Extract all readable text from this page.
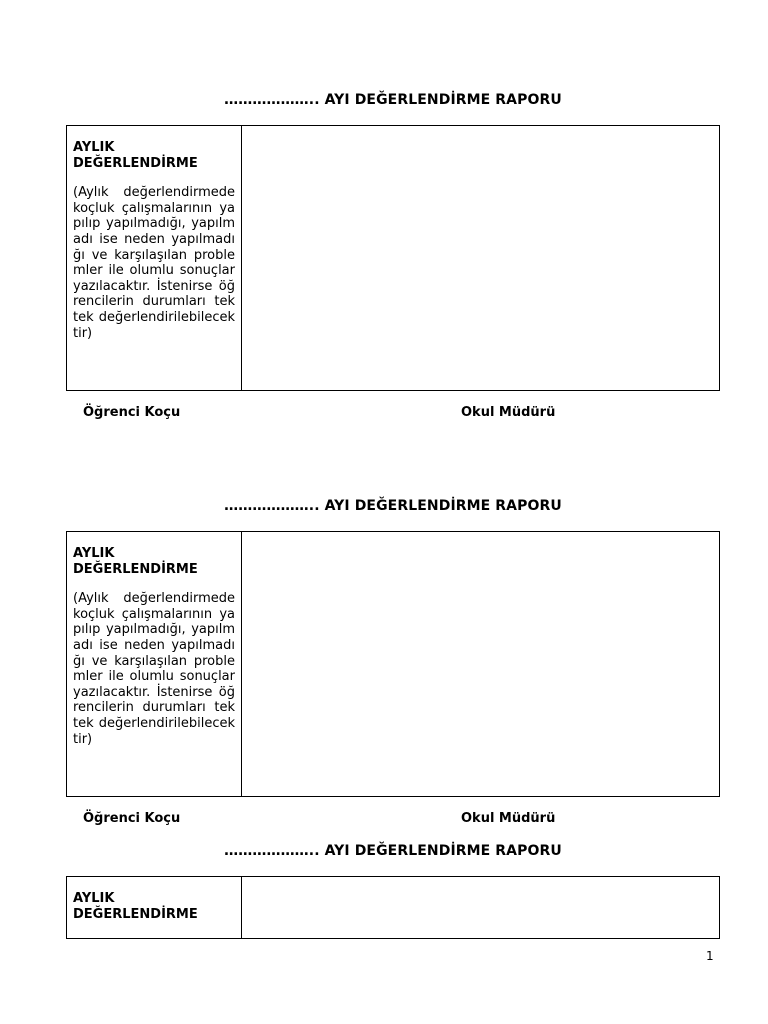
……………….. AYI DEĞERLENDİRME RAPORU

AYLIK DEĞERLENDİRME

(Aylık değerlendirmede koçluk çalışmalarının yapılıp yapılmadığı, yapılmadı ise neden yapılmadığı ve karşılaşılan problemler ile olumlu sonuçlar yazılacaktır. İstenirse öğrencilerin durumları tek tek değerlendirilebilecektir)

Öğrenci Koçu	Okul Müdürü
……………….. AYI DEĞERLENDİRME RAPORU

AYLIK DEĞERLENDİRME

(Aylık değerlendirmede koçluk çalışmalarının yapılıp yapılmadığı, yapılmadı ise neden yapılmadığı ve karşılaşılan problemler ile olumlu sonuçlar yazılacaktır. İstenirse öğrencilerin durumları tek tek değerlendirilebilecektir)

Öğrenci Koçu	Okul Müdürü
……………….. AYI DEĞERLENDİRME RAPORU

AYLIK DEĞERLENDİRME

1
